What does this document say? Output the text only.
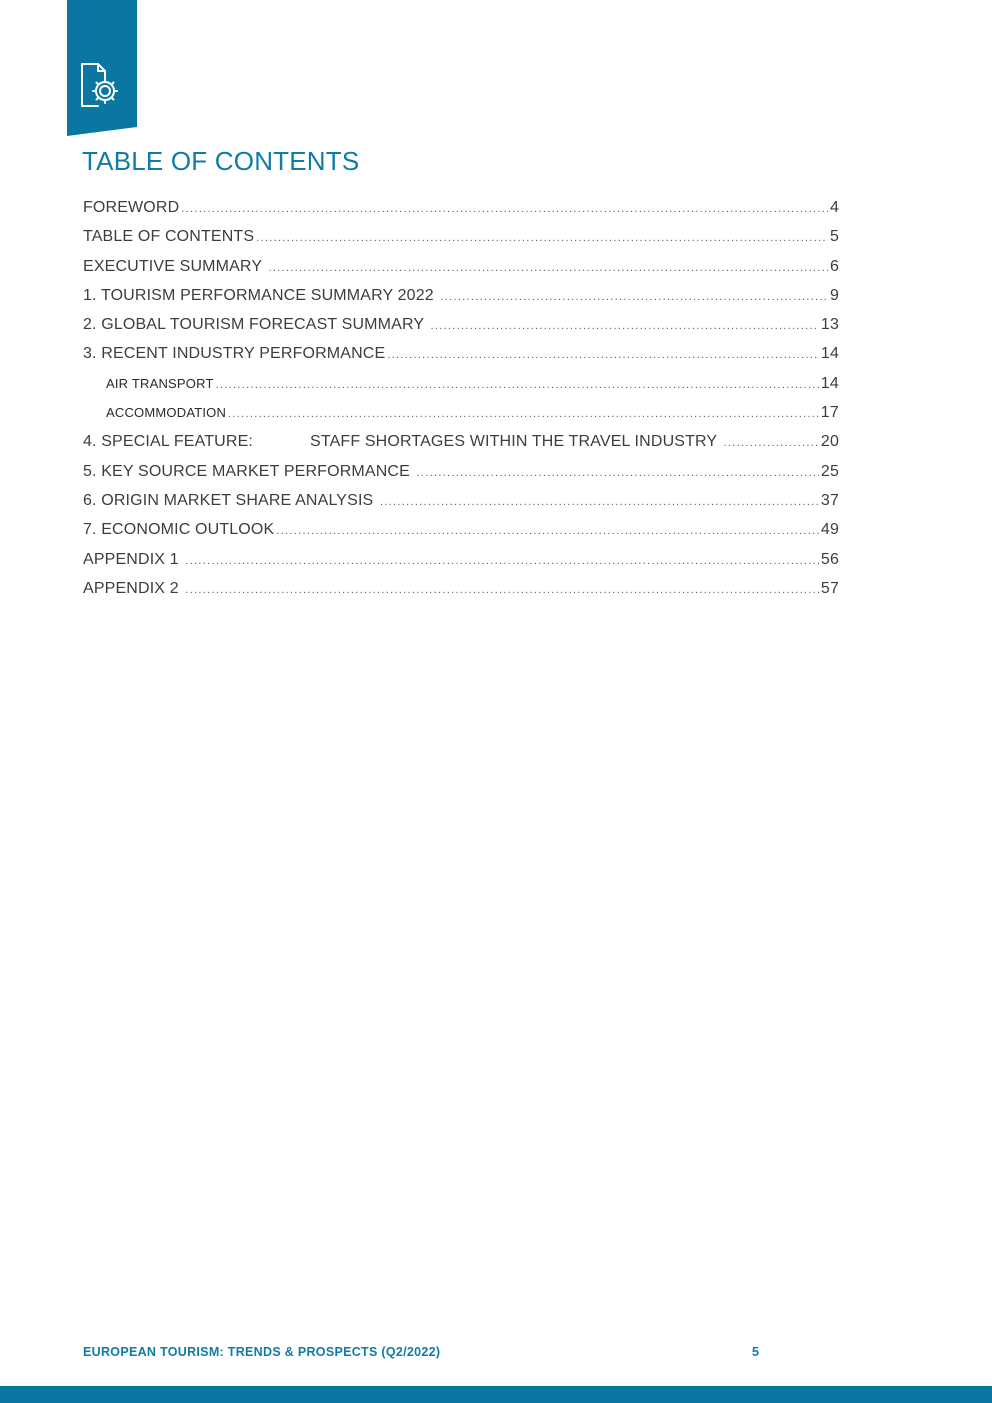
TABLE OF CONTENTS
FOREWORD .....	4
TABLE OF CONTENTS .....	5
EXECUTIVE SUMMARY .....	6
1. TOURISM PERFORMANCE SUMMARY 2022 .....	9
2. GLOBAL TOURISM FORECAST SUMMARY .....	13
3. RECENT INDUSTRY PERFORMANCE .....	14
AIR TRANSPORT .....	14
ACCOMMODATION .....	17
4. SPECIAL FEATURE:	STAFF SHORTAGES WITHIN THE TRAVEL INDUSTRY .....	20
5. KEY SOURCE MARKET PERFORMANCE .....	25
6. ORIGIN MARKET SHARE ANALYSIS .....	37
7. ECONOMIC OUTLOOK .....	49
APPENDIX 1 .....	56
APPENDIX 2 .....	57

EUROPEAN TOURISM: TRENDS & PROSPECTS (Q2/2022)	5
